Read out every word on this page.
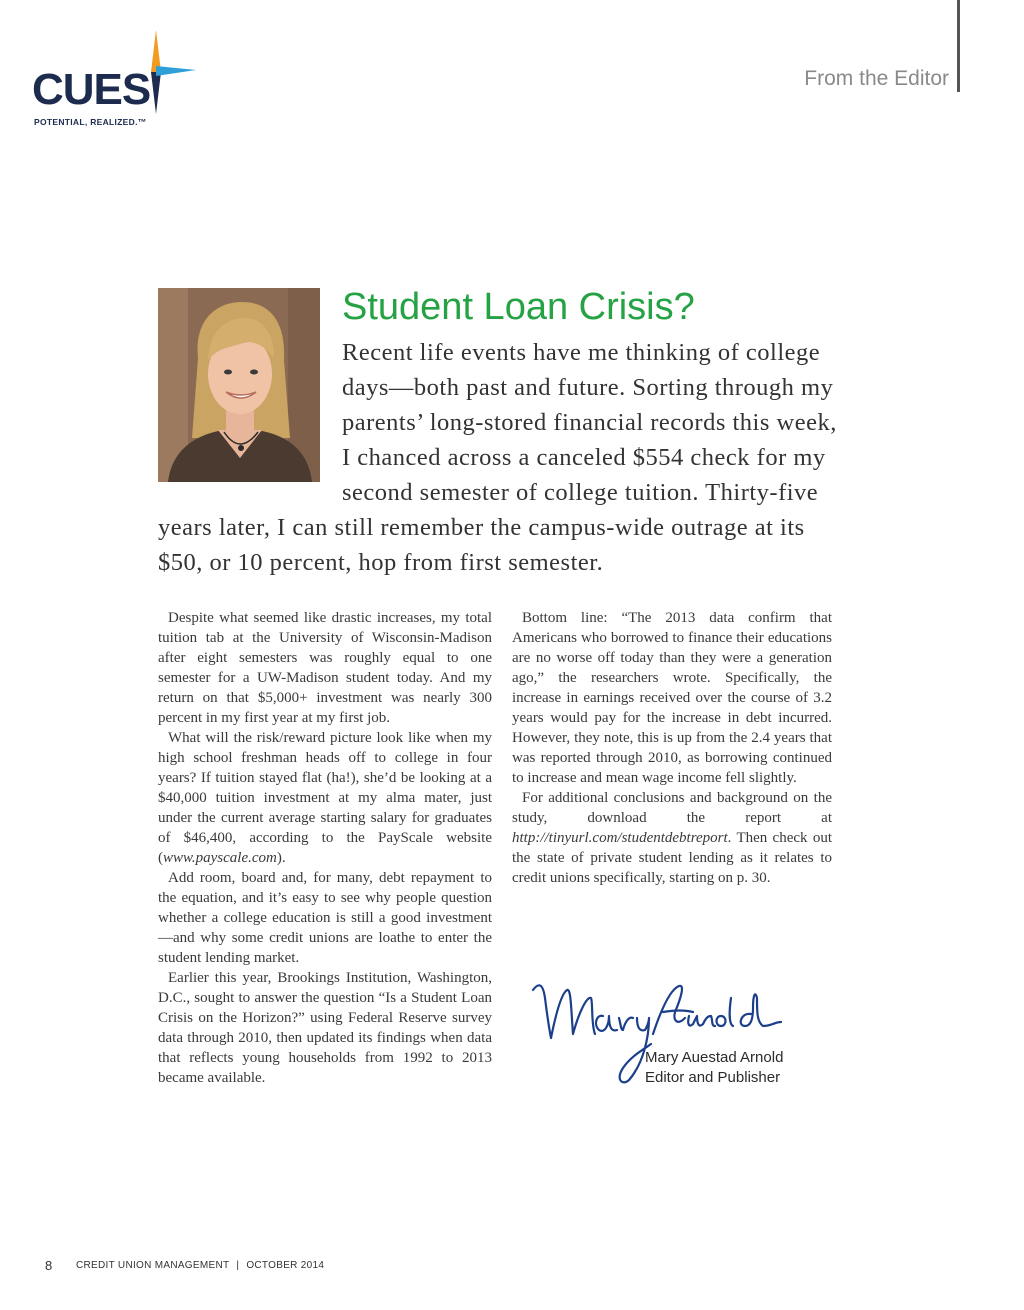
CUES
POTENTIAL, REALIZED.™
From the Editor
Student Loan Crisis?
Recent life events have me thinking of college
days—both past and future. Sorting through my
parents’ long-stored financial records this week,
I chanced across a canceled $554 check for my
second semester of college tuition. Thirty-five
years later, I can still remember the campus-wide outrage at its
$50, or 10 percent, hop from first semester.

Despite what seemed like drastic increases, my total tuition tab at the University of Wisconsin-Madison after eight semesters was roughly equal to one semester for a UW-Madison student today. And my return on that $5,000+ investment was nearly 300 percent in my first year at my first job.

What will the risk/reward picture look like when my high school freshman heads off to college in four years? If tuition stayed flat (ha!), she’d be looking at a $40,000 tuition investment at my alma mater, just under the current average starting salary for graduates of $46,400, according to the PayScale website (www.payscale.com).

Add room, board and, for many, debt repayment to the equation, and it’s easy to see why people question whether a college education is still a good investment—and why some credit unions are loathe to enter the student lending market.

Earlier this year, Brookings Institution, Washington, D.C., sought to answer the question “Is a Student Loan Crisis on the Horizon?” using Federal Reserve survey data through 2010, then updated its findings when data that reflects young households from 1992 to 2013 became available.

Bottom line: “The 2013 data confirm that Americans who borrowed to finance their educations are no worse off today than they were a generation ago,” the researchers wrote. Specifically, the increase in earnings received over the course of 3.2 years would pay for the increase in debt incurred. However, they note, this is up from the 2.4 years that was reported through 2010, as borrowing continued to increase and mean wage income fell slightly.

For additional conclusions and background on the study, download the report at http://tinyurl.com/studentdebtreport. Then check out the state of private student lending as it relates to credit unions specifically, starting on p. 30.

Mary Auestad Arnold
Editor and Publisher
8 CREDIT UNION MANAGEMENT | OCTOBER 2014
